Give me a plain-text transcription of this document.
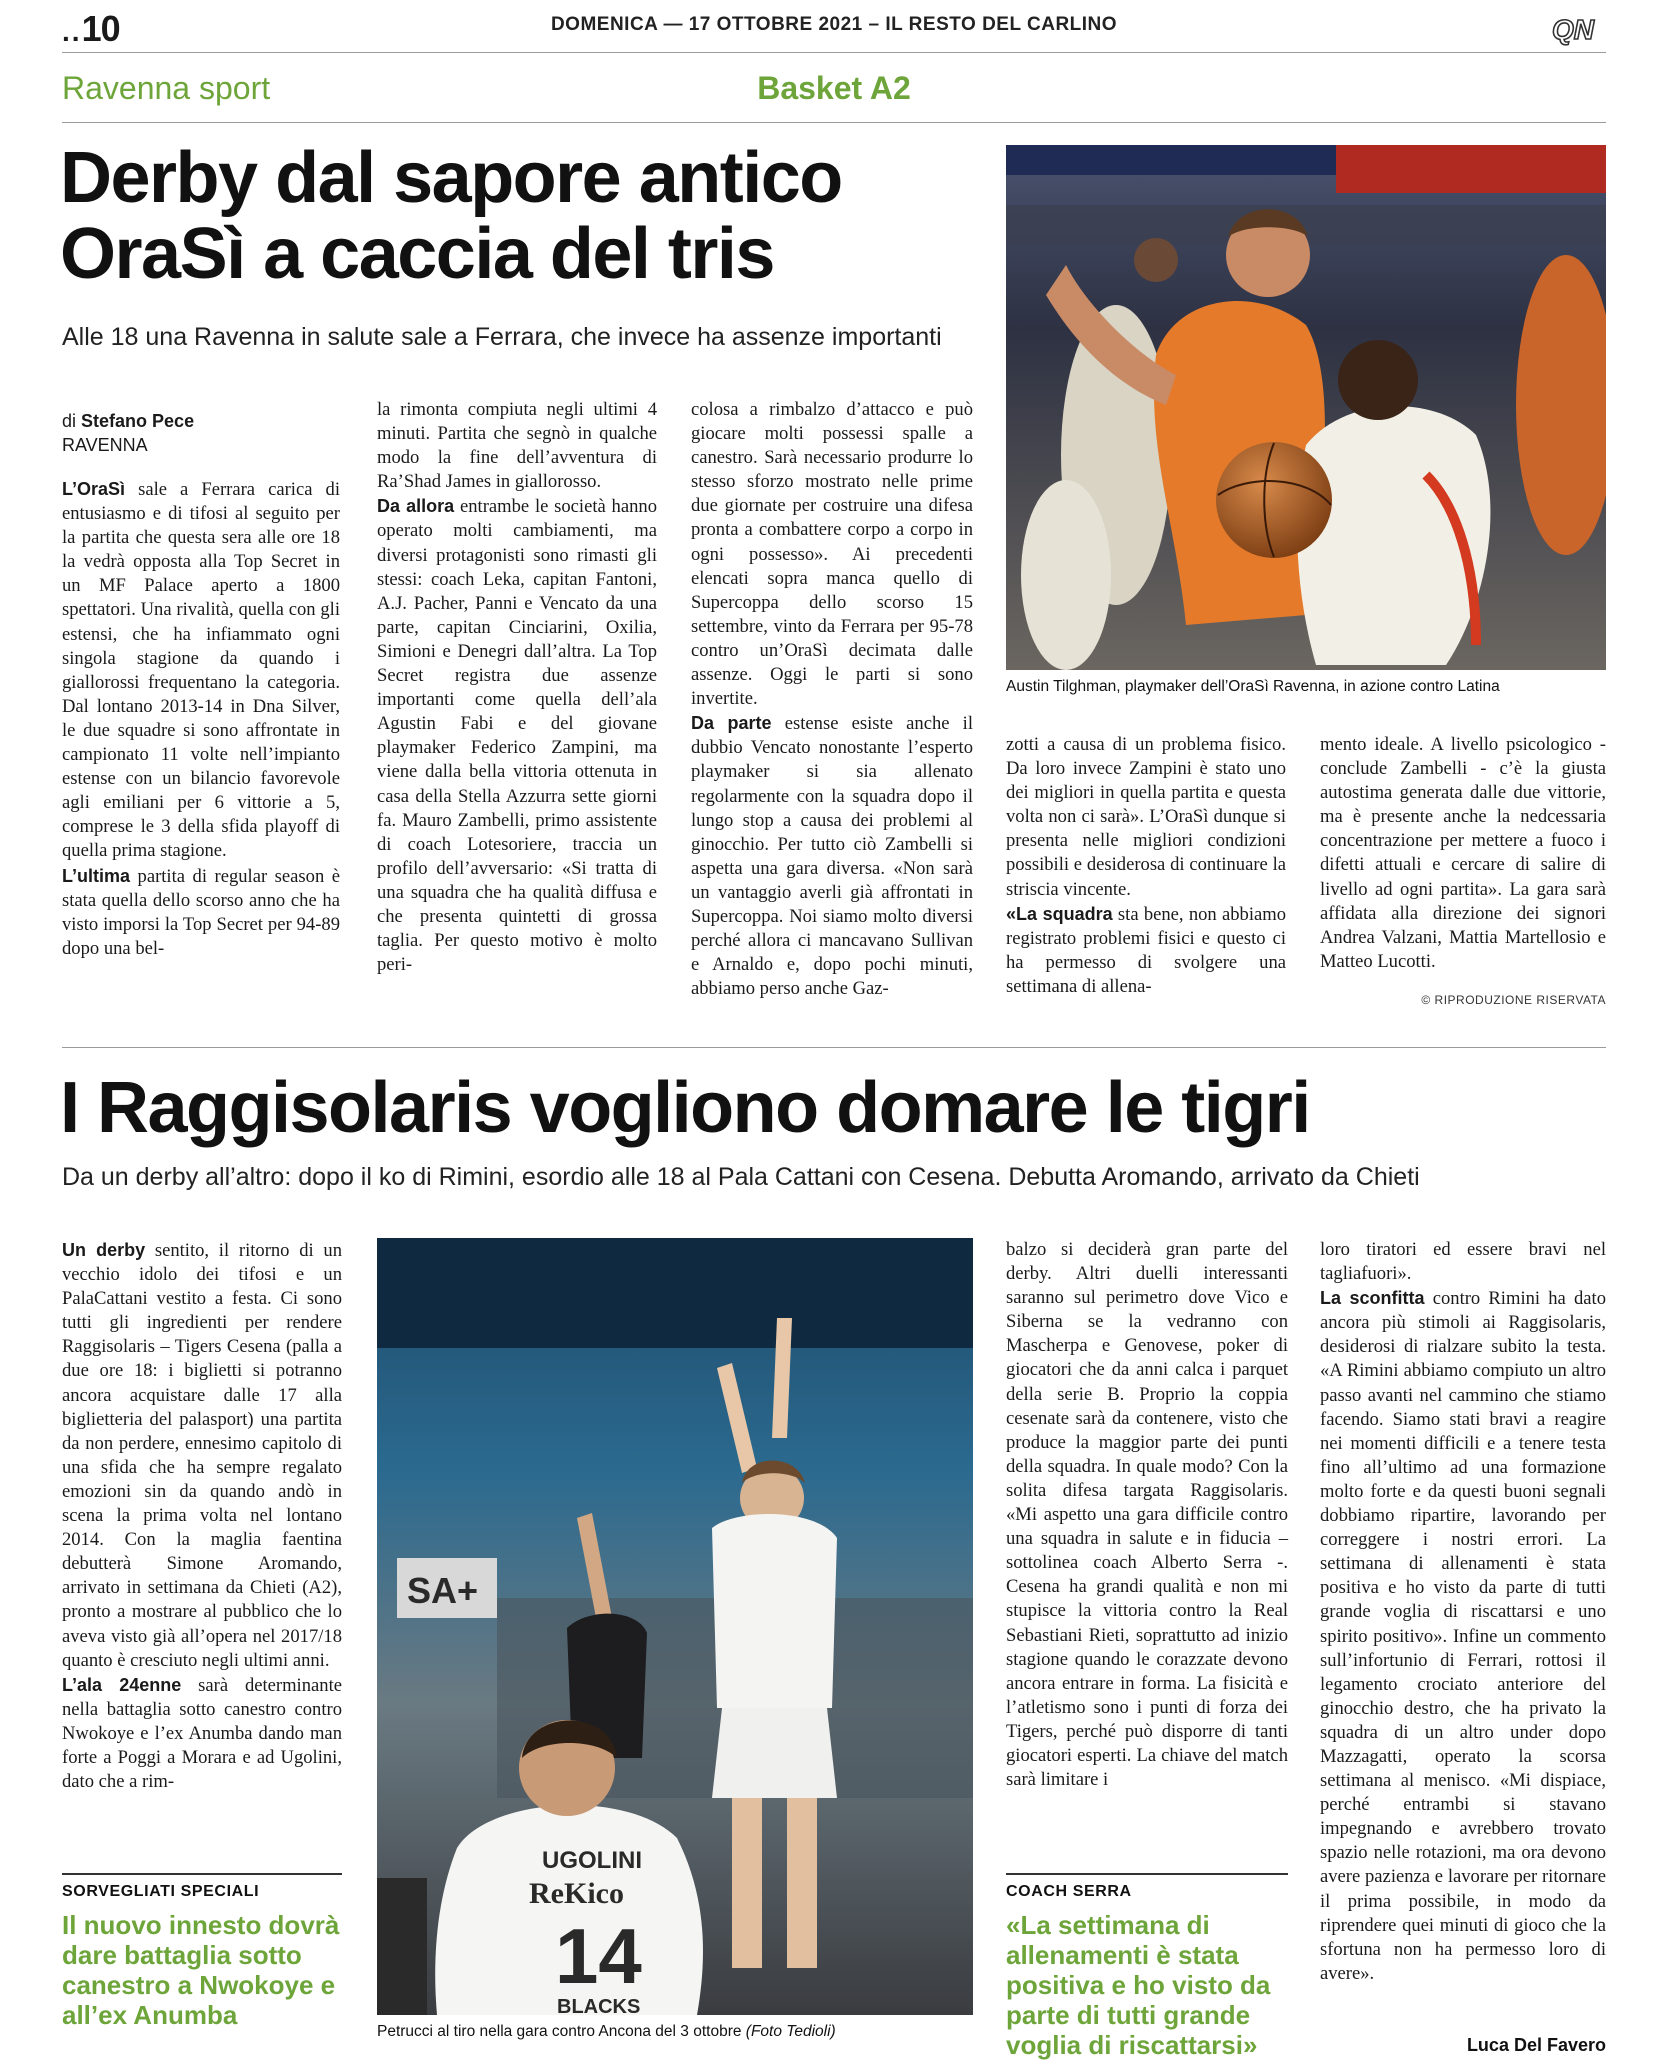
..10	DOMENICA — 17 OTTOBRE 2021 – IL RESTO DEL CARLINO	QN
Ravenna sport	Basket A2
Derby dal sapore antico
OraSì a caccia del tris
Alle 18 una Ravenna in salute sale a Ferrara, che invece ha assenze importanti
Austin Tilghman, playmaker dell’OraSì Ravenna, in azione contro Latina
di Stefano Pece
RAVENNA

L’OraSì sale a Ferrara carica di entusiasmo e di tifosi al seguito per la partita che questa sera alle ore 18 la vedrà opposta alla Top Secret in un MF Palace aperto a 1800 spettatori. Una rivalità, quella con gli estensi, che ha infiammato ogni singola stagione da quando i giallorossi frequentano la categoria. Dal lontano 2013-14 in Dna Silver, le due squadre si sono affrontate in campionato 11 volte nell’impianto estense con un bilancio favorevole agli emiliani per 6 vittorie a 5, comprese le 3 della sfida playoff di quella prima stagione.

L’ultima partita di regular season è stata quella dello scorso anno che ha visto imporsi la Top Secret per 94-89 dopo una bel-

la rimonta compiuta negli ultimi 4 minuti. Partita che segnò in qualche modo la fine dell’avventura di Ra’Shad James in giallorosso.

Da allora entrambe le società hanno operato molti cambiamenti, ma diversi protagonisti sono rimasti gli stessi: coach Leka, capitan Fantoni, A.J. Pacher, Panni e Vencato da una parte, capitan Cinciarini, Oxilia, Simioni e Denegri dall’altra. La Top Secret registra due assenze importanti come quella dell’ala Agustin Fabi e del giovane playmaker Federico Zampini, ma viene dalla bella vittoria ottenuta in casa della Stella Azzurra sette giorni fa. Mauro Zambelli, primo assistente di coach Lotesoriere, traccia un profilo dell’avversario: «Si tratta di una squadra che ha qualità diffusa e che presenta quintetti di grossa taglia. Per questo motivo è molto peri-

colosa a rimbalzo d’attacco e può giocare molti possessi spalle a canestro. Sarà necessario produrre lo stesso sforzo mostrato nelle prime due giornate per costruire una difesa pronta a combattere corpo a corpo in ogni possesso». Ai precedenti elencati sopra manca quello di Supercoppa dello scorso 15 settembre, vinto da Ferrara per 95-78 contro un’OraSì decimata dalle assenze. Oggi le parti si sono invertite.

Da parte estense esiste anche il dubbio Vencato nonostante l’esperto playmaker si sia allenato regolarmente con la squadra dopo il lungo stop a causa dei problemi al ginocchio. Per tutto ciò Zambelli si aspetta una gara diversa. «Non sarà un vantaggio averli già affrontati in Supercoppa. Noi siamo molto diversi perché allora ci mancavano Sullivan e Arnaldo e, dopo pochi minuti, abbiamo perso anche Gaz-

zotti a causa di un problema fisico. Da loro invece Zampini è stato uno dei migliori in quella partita e questa volta non ci sarà». L’OraSì dunque si presenta nelle migliori condizioni possibili e desiderosa di continuare la striscia vincente.

«La squadra sta bene, non abbiamo registrato problemi fisici e questo ci ha permesso di svolgere una settimana di allena-

mento ideale. A livello psicologico - conclude Zambelli - c’è la giusta autostima generata dalle due vittorie, ma è presente anche la nedcessaria concentrazione per mettere a fuoco i difetti attuali e cercare di salire di livello ad ogni partita». La gara sarà affidata alla direzione dei signori Andrea Valzani, Mattia Martellosio e Matteo Lucotti.

© RIPRODUZIONE RISERVATA
I Raggisolaris vogliono domare le tigri
Da un derby all’altro: dopo il ko di Rimini, esordio alle 18 al Pala Cattani con Cesena. Debutta Aromando, arrivato da Chieti

Un derby sentito, il ritorno di un vecchio idolo dei tifosi e un PalaCattani vestito a festa. Ci sono tutti gli ingredienti per rendere Raggisolaris – Tigers Cesena (palla a due ore 18: i biglietti si potranno ancora acquistare dalle 17 alla biglietteria del palasport) una partita da non perdere, ennesimo capitolo di una sfida che ha sempre regalato emozioni sin da quando andò in scena la prima volta nel lontano 2014. Con la maglia faentina debutterà Simone Aromando, arrivato in settimana da Chieti (A2), pronto a mostrare al pubblico che lo aveva visto già all’opera nel 2017/18 quanto è cresciuto negli ultimi anni.

L’ala 24enne sarà determinante nella battaglia sotto canestro contro Nwokoye e l’ex Anumba dando man forte a Poggi a Morara e ad Ugolini, dato che a rim-

SORVEGLIATI SPECIALI
Il nuovo innesto dovrà dare battaglia sotto canestro a Nwokoye e all’ex Anumba
SA+
UGOLINI
ReKico
14
BLACKS
Petrucci al tiro nella gara contro Ancona del 3 ottobre (Foto Tedioli)

balzo si deciderà gran parte del derby. Altri duelli interessanti saranno sul perimetro dove Vico e Siberna se la vedranno con Mascherpa e Genovese, poker di giocatori che da anni calca i parquet della serie B. Proprio la coppia cesenate sarà da contenere, visto che produce la maggior parte dei punti della squadra. In quale modo? Con la solita difesa targata Raggisolaris. «Mi aspetto una gara difficile contro una squadra in salute e in fiducia – sottolinea coach Alberto Serra -. Cesena ha grandi qualità e non mi stupisce la vittoria contro la Real Sebastiani Rieti, soprattutto ad inizio stagione quando le corazzate devono ancora entrare in forma. La fisicità e l’atletismo sono i punti di forza dei Tigers, perché può disporre di tanti giocatori esperti. La chiave del match sarà limitare i

COACH SERRA
«La settimana di allenamenti è stata positiva e ho visto da parte di tutti grande voglia di riscattarsi»

loro tiratori ed essere bravi nel tagliafuori».

La sconfitta contro Rimini ha dato ancora più stimoli ai Raggisolaris, desiderosi di rialzare subito la testa. «A Rimini abbiamo compiuto un altro passo avanti nel cammino che stiamo facendo. Siamo stati bravi a reagire nei momenti difficili e a tenere testa fino all’ultimo ad una formazione molto forte e da questi buoni segnali dobbiamo ripartire, lavorando per correggere i nostri errori. La settimana di allenamenti è stata positiva e ho visto da parte di tutti grande voglia di riscattarsi e uno spirito positivo». Infine un commento sull’infortunio di Ferrari, rottosi il legamento crociato anteriore del ginocchio destro, che ha privato la squadra di un altro under dopo Mazzagatti, operato la scorsa settimana al menisco. «Mi dispiace, perché entrambi si stavano impegnando e avrebbero trovato spazio nelle rotazioni, ma ora devono avere pazienza e lavorare per ritornare il prima possibile, in modo da riprendere quei minuti di gioco che la sfortuna non ha permesso loro di avere».

Luca Del Favero
